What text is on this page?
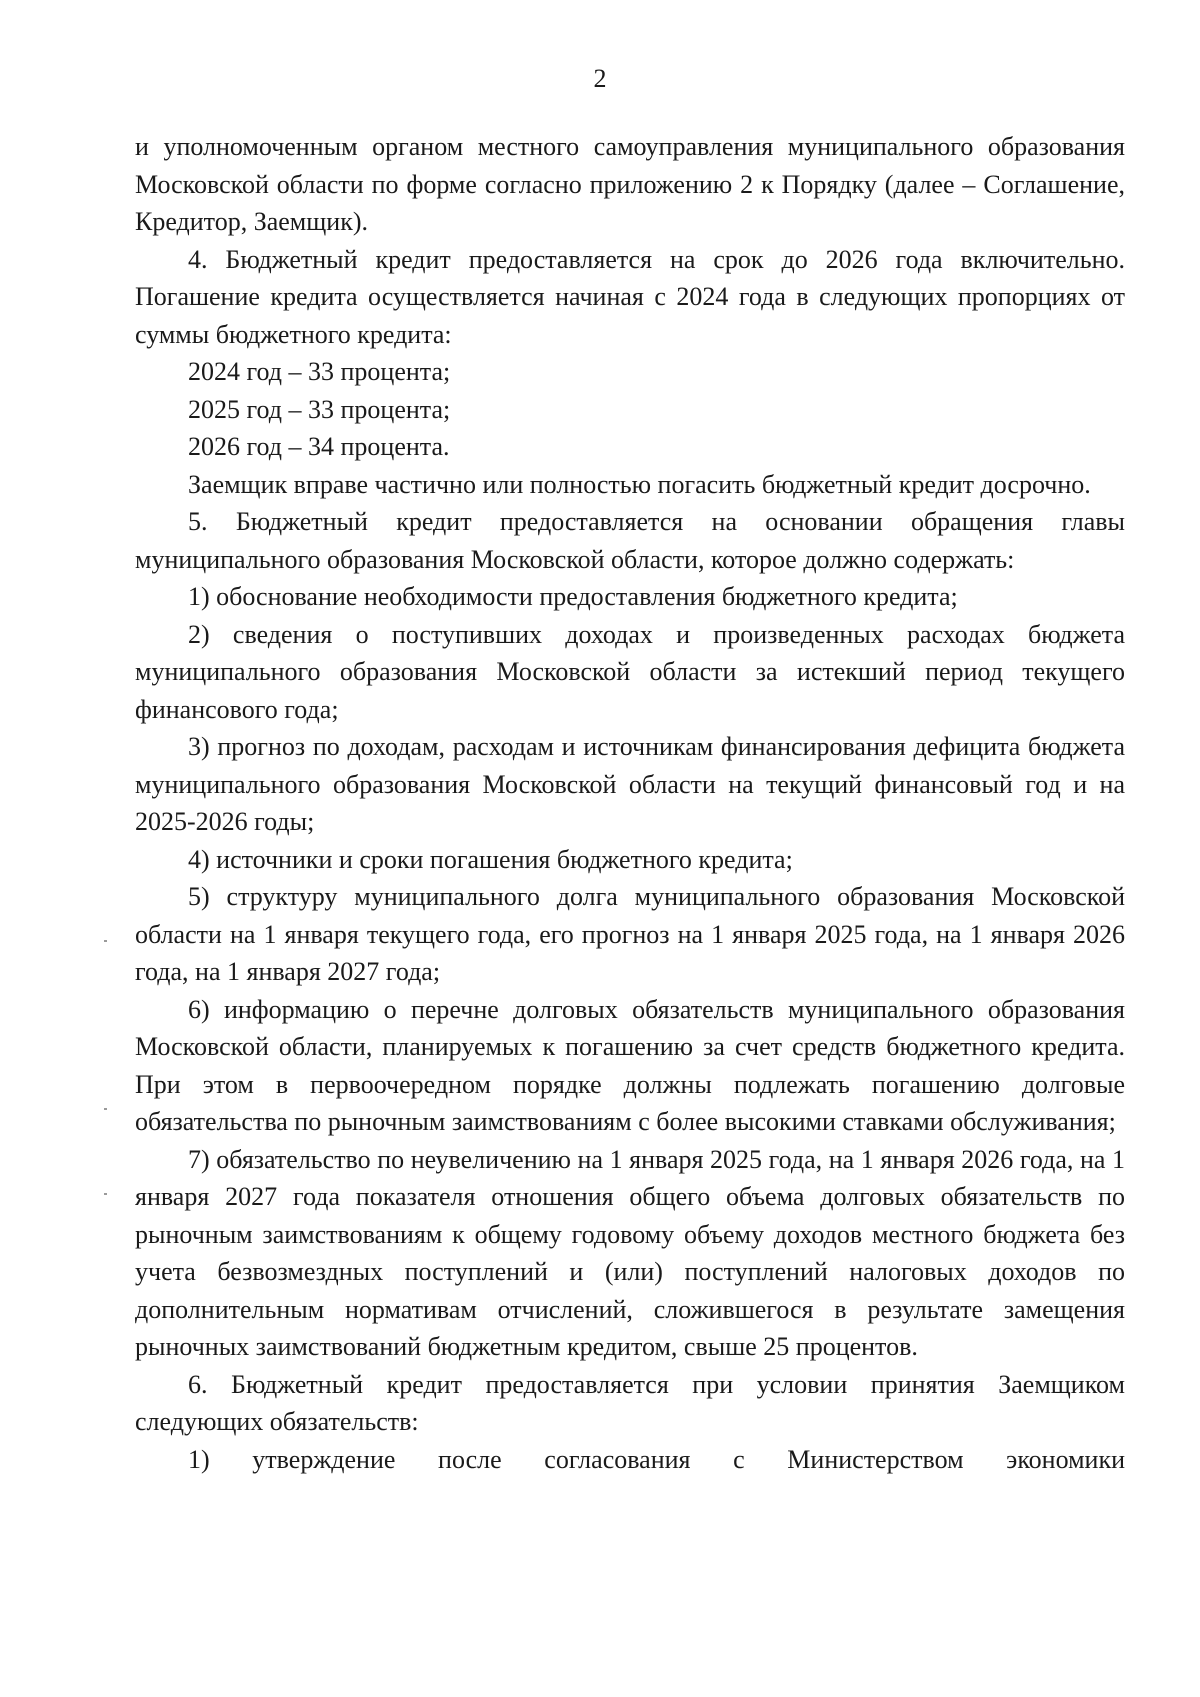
2

и уполномоченным органом местного самоуправления муниципального образования Московской области по форме согласно приложению 2 к Порядку (далее – Соглашение, Кредитор, Заемщик).

4. Бюджетный кредит предоставляется на срок до 2026 года включительно. Погашение кредита осуществляется начиная с 2024 года в следующих пропорциях от суммы бюджетного кредита:

2024 год – 33 процента;

2025 год – 33 процента;

2026 год – 34 процента.

Заемщик вправе частично или полностью погасить бюджетный кредит досрочно.

5. Бюджетный кредит предоставляется на основании обращения главы муниципального образования Московской области, которое должно содержать:

1) обоснование необходимости предоставления бюджетного кредита;

2) сведения о поступивших доходах и произведенных расходах бюджета муниципального образования Московской области за истекший период текущего финансового года;

3) прогноз по доходам, расходам и источникам финансирования дефицита бюджета муниципального образования Московской области на текущий финансовый год и на 2025-2026 годы;

4) источники и сроки погашения бюджетного кредита;

5) структуру муниципального долга муниципального образования Московской области на 1 января текущего года, его прогноз на 1 января 2025 года, на 1 января 2026 года, на 1 января 2027 года;

6) информацию о перечне долговых обязательств муниципального образования Московской области, планируемых к погашению за счет средств бюджетного кредита. При этом в первоочередном порядке должны подлежать погашению долговые обязательства по рыночным заимствованиям с более высокими ставками обслуживания;

7) обязательство по неувеличению на 1 января 2025 года, на 1 января 2026 года, на 1 января 2027 года показателя отношения общего объема долговых обязательств по рыночным заимствованиям к общему годовому объему доходов местного бюджета без учета безвозмездных поступлений и (или) поступлений налоговых доходов по дополнительным нормативам отчислений, сложившегося в результате замещения рыночных заимствований бюджетным кредитом, свыше 25 процентов.

6. Бюджетный кредит предоставляется при условии принятия Заемщиком следующих обязательств:

1) утверждение после согласования с Министерством экономики
